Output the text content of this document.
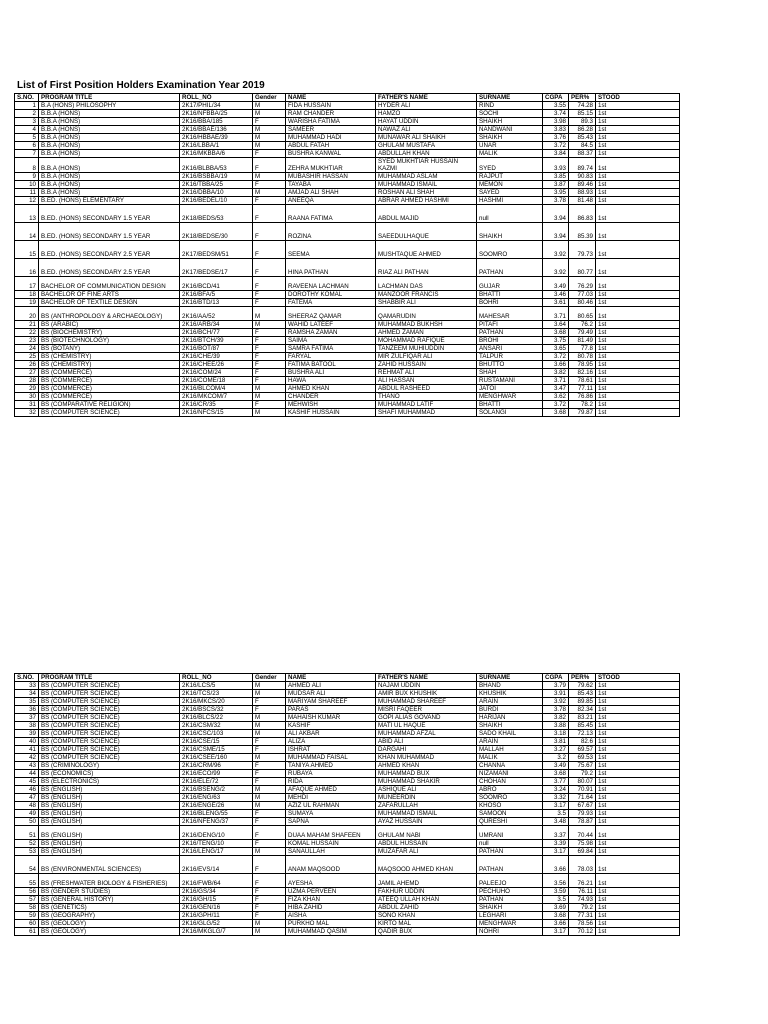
List of First Position Holders Examination Year 2019
S.NO.	PROGRAM TITLE	ROLL_NO	Gender	NAME	FATHER'S NAME	SURNAME	CGPA	PER%	STOOD
1	B.A (HONS) PHILOSOPHY	2K17/PHIL/34	M	FIDA HUSSAIN	HYDER ALI	RIND	3.55	74.28	1st
2	B.B.A (HONS)	2K16/NFBBA/25	M	RAM CHANDER	HAMZO	SOCHI	3.74	85.15	1st
3	B.B.A (HONS)	2K16/BBA/185	F	WARISHA FATIMA	HAYAT UDDIN	SHAIKH	3.98	89.3	1st
4	B.B.A (HONS)	2K16/BBAE/136	M	SAMEER	NAWAZ ALI	NANDWANI	3.83	86.28	1st
5	B.B.A (HONS)	2K16/HBBAE/39	M	MUHAMMAD HADI	MUNAWAR ALI SHAIKH	SHAIKH	3.76	85.43	1st
6	B.B.A (HONS)	2K16/LBBA/1	M	ABDUL FATAH	GHULAM MUSTAFA	UNAR	3.72	84.5	1st
7	B.B.A (HONS)	2K16/MKBBA/6	F	BUSHRA KANWAL	ABDULLAH KHAN	MALIK	3.84	88.37	1st
8	B.B.A (HONS)	2K16/BLBBA/53	F	ZEHRA MUKHTIAR	SYED MUKHTIAR HUSSAIN KAZMI	SYED	3.93	89.74	1st
9	B.B.A (HONS)	2K16/BSBBA/19	M	MUBASHIR HASSAN	MUHAMMAD ASLAM	RAJPUT	3.85	90.83	1st
10	B.B.A (HONS)	2K16/TBBA/25	F	TAYABA	MUHAMMAD ISMAIL	MEMON	3.87	89.46	1st
11	B.B.A (HONS)	2K16/DBBA/10	M	AMJAD ALI SHAH	ROSHAN ALI SHAH	SAYED	3.95	88.93	1st
12	B.ED. (HONS) ELEMENTARY	2K16/BEDEL/10	F	ANEEQA	ABRAR AHMED HASHMI	HASHMI	3.78	81.48	1st
13	B.ED. (HONS) SECONDARY 1.5 YEAR	2K18/BEDS/53	F	RAANA FATIMA	ABDUL MAJID	null	3.94	86.83	1st
14	B.ED. (HONS) SECONDARY 1.5 YEAR	2K18/BEDSE/30	F	ROZINA	SAEEDULHAQUE	SHAIKH	3.94	85.39	1st
15	B.ED. (HONS) SECONDARY 2.5 YEAR	2K17/BEDSM/51	F	SEEMA	MUSHTAQUE AHMED	SOOMRO	3.92	79.73	1st
16	B.ED. (HONS) SECONDARY 2.5 YEAR	2K17/BEDSE/17	F	HINA PATHAN	RIAZ ALI PATHAN	PATHAN	3.92	80.77	1st
17	BACHELOR OF COMMUNICATION DESIGN	2K16/BCD/41	F	RAVEENA LACHMAN	LACHMAN DAS	GUJAR	3.49	76.29	1st
18	BACHELOR OF FINE ARTS	2K16/BFA/5	F	DOROTHY KOMAL	MANZOOR FRANCIS	BHATTI	3.46	77.03	1st
19	BACHELOR OF TEXTILE DESIGN	2K16/BTD/13	F	FATEMA	SHABBIR ALI	BOHRI	3.61	80.46	1st
20	BS (ANTHROPOLOGY & ARCHAEOLOGY)	2K16/AA/52	M	SHEERAZ QAMAR	QAMARUDIN	MAHESAR	3.71	80.65	1st
21	BS (ARABIC)	2K16/ARB/34	M	WAHID LATEEF	MUHAMMAD BUKHSH	PITAFI	3.64	76.2	1st
22	BS (BIOCHEMISTRY)	2K16/BCH/77	F	RAMSHA ZAMAN	AHMED ZAMAN	PATHAN	3.68	79.49	1st
23	BS (BIOTECHNOLOGY)	2K16/BTCH/39	F	SAIMA	MOHAMMAD RAFIQUE	BROHI	3.75	81.49	1st
24	BS (BOTANY)	2K16/BOT/87	F	SAMRA FATIMA	TANZEEM MUHIUDDIN	ANSARI	3.65	77.8	1st
25	BS (CHEMISTRY)	2K16/CHE/39	F	FARYAL	MIR ZULFIQAR ALI	TALPUR	3.72	80.78	1st
26	BS (CHEMISTRY)	2K16/CHEE/26	F	FATIMA BATOOL	ZAHID HUSSAIN	BHUTTO	3.66	78.95	1st
27	BS (COMMERCE)	2K16/COM/24	F	BUSHRA ALI	REHMAT ALI	SHAH	3.82	82.16	1st
28	BS (COMMERCE)	2K16/COME/18	F	HAWA	ALI HASSAN	RUSTAMANI	3.71	78.61	1st
29	BS (COMMERCE)	2K16/BLCOM/4	M	AHMED KHAN	ABDUL RASHEED	JATOI	3.47	77.11	1st
30	BS (COMMERCE)	2K16/MKCOM/7	M	CHANDER	THANO	MENGHWAR	3.62	76.86	1st
31	BS (COMPARATIVE RELIGION)	2K16/CR/35	F	MEHWISH	MUHAMMAD LATIF	BHATTI	3.72	78.2	1st
32	BS (COMPUTER SCIENCE)	2K16/NFCS/15	M	KASHIF HUSSAIN	SHAFI MUHAMMAD	SOLANGI	3.68	79.87	1st
S.NO.	PROGRAM TITLE	ROLL_NO	Gender	NAME	FATHER'S NAME	SURNAME	CGPA	PER%	STOOD
33	BS (COMPUTER SCIENCE)	2K16/LCS/5	M	AHMED ALI	NAJAM UDDIN	BHAND	3.79	79.62	1st
34	BS (COMPUTER SCIENCE)	2K16/TCS/23	M	MUDSAR ALI	AMIR BUX KHUSHIK	KHUSHIK	3.91	85.43	1st
35	BS (COMPUTER SCIENCE)	2K16/MKCS/20	F	MARIYAM SHAREEF	MUHAMMAD SHAREEF	ARAIN	3.92	89.85	1st
36	BS (COMPUTER SCIENCE)	2K16/BSCS/32	F	PARAS	MISRI FAQEER	BURDI	3.78	82.34	1st
37	BS (COMPUTER SCIENCE)	2K16/BLCS/22	M	MAHAISH KUMAR	GOPI ALIAS GOVAND	HARIJAN	3.82	83.21	1st
38	BS (COMPUTER SCIENCE)	2K16/CSM/32	M	KASHIF	MATI UL HAQUE	SHAIKH	3.88	85.45	1st
39	BS (COMPUTER SCIENCE)	2K16/CSC/103	M	ALI AKBAR	MUHAMMAD AFZAL	SADO KHAIL	3.18	72.13	1st
40	BS (COMPUTER SCIENCE)	2K16/CSE/15	F	ALIZA	ABID ALI	ARAIN	3.81	82.6	1st
41	BS (COMPUTER SCIENCE)	2K16/CSME/15	F	ISHRAT	DARGAHI	MALLAH	3.27	69.57	1st
42	BS (COMPUTER SCIENCE)	2K16/CSEE/160	M	MUHAMMAD FAISAL	KHAN MUHAMMAD	MALIK	3.2	69.53	1st
43	BS (CRIMINOLOGY)	2K16/CRM/96	F	TANIYA AHMED	AHMED KHAN	CHANNA	3.49	75.67	1st
44	BS (ECONOMICS)	2K16/ECO/99	F	RUBAYA	MUHAMMAD BUX	NIZAMANI	3.68	79.2	1st
45	BS (ELECTRONICS)	2K16/ELE/72	F	RIDA	MUHAMMAD SHAKIR	CHOHAN	3.77	80.07	1st
46	BS (ENGLISH)	2K16/BSENG/2	M	AFAQUE AHMED	ASHIQUE ALI	ABRO	3.24	70.91	1st
47	BS (ENGLISH)	2K16/ENG/63	M	MEHDI	MUNEERDIN	SOOMRO	3.32	71.64	1st
48	BS (ENGLISH)	2K16/ENGE/26	M	AZIZ UL RAHMAN	ZAFARULLAH	KHOSO	3.17	67.67	1st
49	BS (ENGLISH)	2K16/BLENG/55	F	SUMAYA	MUHAMMAD ISMAIL	SAMOON	3.5	79.93	1st
50	BS (ENGLISH)	2K16/NFENG/37	F	SAPNA	AYAZ HUSSAIN	QURESHI	3.48	78.87	1st
51	BS (ENGLISH)	2K16/DENG/10	F	DUAA MAHAM SHAFEEN	GHULAM NABI	UMRANI	3.37	70.44	1st
52	BS (ENGLISH)	2K16/TENG/10	F	KOMAL HUSSAIN	ABDUL HUSSAIN	null	3.39	75.98	1st
53	BS (ENGLISH)	2K16/LENG/17	M	SANAULLAH	MUZAFAR ALI	PATHAN	3.17	69.84	1st
54	BS (ENVIRONMENTAL SCIENCES)	2K16/EVS/14	F	ANAM MAQSOOD	MAQSOOD AHMED KHAN	PATHAN	3.66	78.03	1st
55	BS (FRESHWATER BIOLOGY & FISHERIES)	2K16/FWB/64	F	AYESHA	JAMIL AHEMD	PALEEJO	3.56	76.21	1st
56	BS (GENDER STUDIES)	2K16/GS/34	F	UZMA PERVEEN	FAKHUR UDDIN	PECHUHO	3.59	76.11	1st
57	BS (GENERAL HISTORY)	2K16/GH/15	F	FIZA KHAN	ATEEQ ULLAH KHAN	PATHAN	3.5	74.93	1st
58	BS (GENETICS)	2K16/GEN/16	F	HIBA ZAHID	ABDUL ZAHID	SHAIKH	3.69	79.2	1st
59	BS (GEOGRAPHY)	2K16/GPH/11	F	AISHA	SONO KHAN	LEGHARI	3.68	77.31	1st
60	BS (GEOLOGY)	2K16/GLG/52	M	PURKHO MAL	KIRTO MAL	MENGHWAR	3.66	78.56	1st
61	BS (GEOLOGY)	2K16/MKGLG/7	M	MUHAMMAD QASIM	QADIR BUX	NOHRI	3.17	70.12	1st
